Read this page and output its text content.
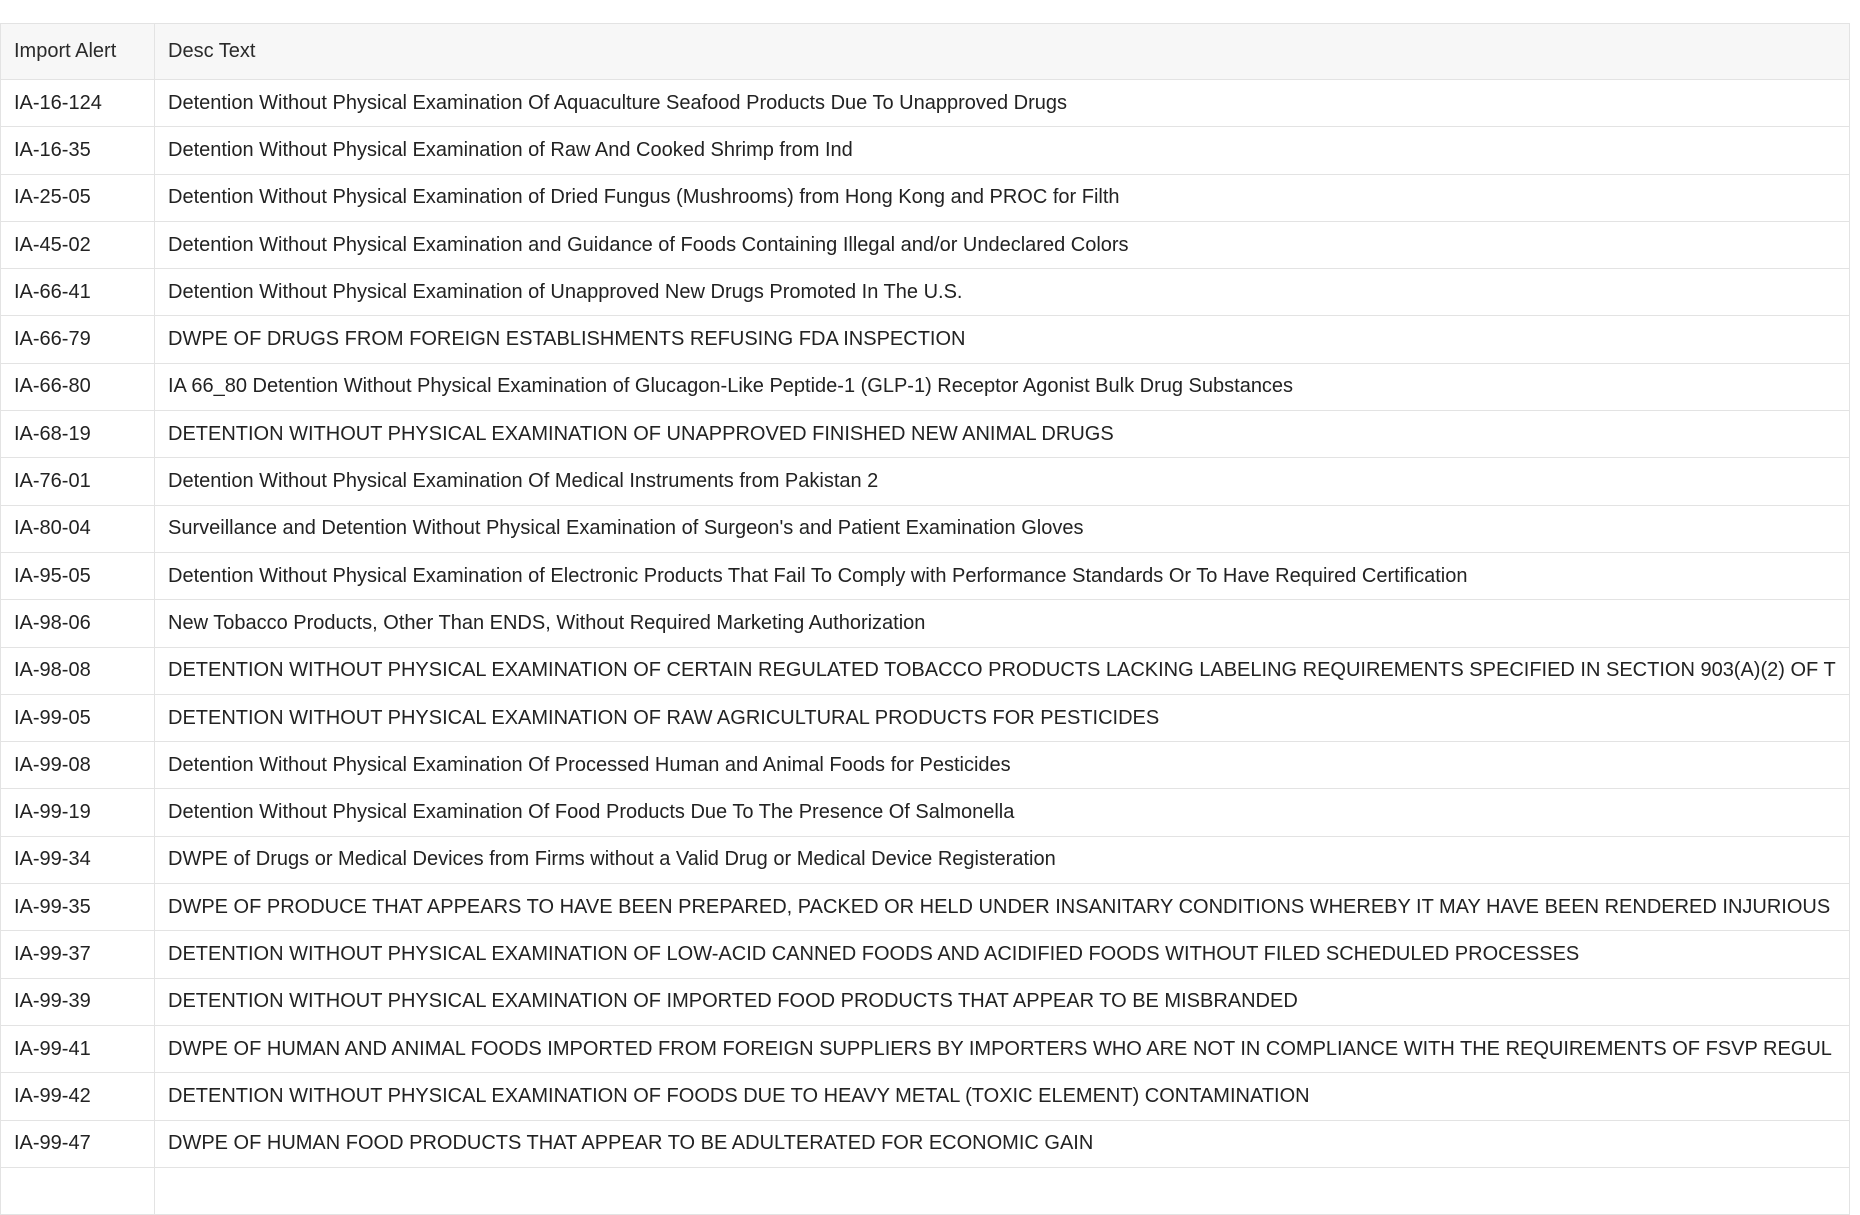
Import Alert	Desc Text
IA-16-124	Detention Without Physical Examination Of Aquaculture Seafood Products Due To Unapproved Drugs
IA-16-35	Detention Without Physical Examination of Raw And Cooked Shrimp from Ind
IA-25-05	Detention Without Physical Examination of Dried Fungus (Mushrooms) from Hong Kong and PROC for Filth
IA-45-02	Detention Without Physical Examination and Guidance of Foods Containing Illegal and/or Undeclared Colors
IA-66-41	Detention Without Physical Examination of Unapproved New Drugs Promoted In The U.S.
IA-66-79	DWPE OF DRUGS FROM FOREIGN ESTABLISHMENTS REFUSING FDA INSPECTION
IA-66-80	IA 66_80 Detention Without Physical Examination of Glucagon-Like Peptide-1 (GLP-1) Receptor Agonist Bulk Drug Substances
IA-68-19	DETENTION WITHOUT PHYSICAL EXAMINATION OF UNAPPROVED FINISHED NEW ANIMAL DRUGS
IA-76-01	Detention Without Physical Examination Of Medical Instruments from Pakistan 2
IA-80-04	Surveillance and Detention Without Physical Examination of Surgeon's and Patient Examination Gloves
IA-95-05	Detention Without Physical Examination of Electronic Products That Fail To Comply with Performance Standards Or To Have Required Certification
IA-98-06	New Tobacco Products, Other Than ENDS, Without Required Marketing Authorization
IA-98-08	DETENTION WITHOUT PHYSICAL EXAMINATION OF CERTAIN REGULATED TOBACCO PRODUCTS LACKING LABELING REQUIREMENTS SPECIFIED IN SECTION 903(A)(2) OF T
IA-99-05	DETENTION WITHOUT PHYSICAL EXAMINATION OF RAW AGRICULTURAL PRODUCTS FOR PESTICIDES
IA-99-08	Detention Without Physical Examination Of Processed Human and Animal Foods for Pesticides
IA-99-19	Detention Without Physical Examination Of Food Products Due To The Presence Of Salmonella
IA-99-34	DWPE of Drugs or Medical Devices from Firms without a Valid Drug or Medical Device Registeration
IA-99-35	DWPE OF PRODUCE THAT APPEARS TO HAVE BEEN PREPARED, PACKED OR HELD UNDER INSANITARY CONDITIONS WHEREBY IT MAY HAVE BEEN RENDERED INJURIOUS
IA-99-37	DETENTION WITHOUT PHYSICAL EXAMINATION OF LOW-ACID CANNED FOODS AND ACIDIFIED FOODS WITHOUT FILED SCHEDULED PROCESSES
IA-99-39	DETENTION WITHOUT PHYSICAL EXAMINATION OF IMPORTED FOOD PRODUCTS THAT APPEAR TO BE MISBRANDED
IA-99-41	DWPE OF HUMAN AND ANIMAL FOODS IMPORTED FROM FOREIGN SUPPLIERS BY IMPORTERS WHO ARE NOT IN COMPLIANCE WITH THE REQUIREMENTS OF FSVP REGUL
IA-99-42	DETENTION WITHOUT PHYSICAL EXAMINATION OF FOODS DUE TO HEAVY METAL (TOXIC ELEMENT) CONTAMINATION
IA-99-47	DWPE OF HUMAN FOOD PRODUCTS THAT APPEAR TO BE ADULTERATED FOR ECONOMIC GAIN
